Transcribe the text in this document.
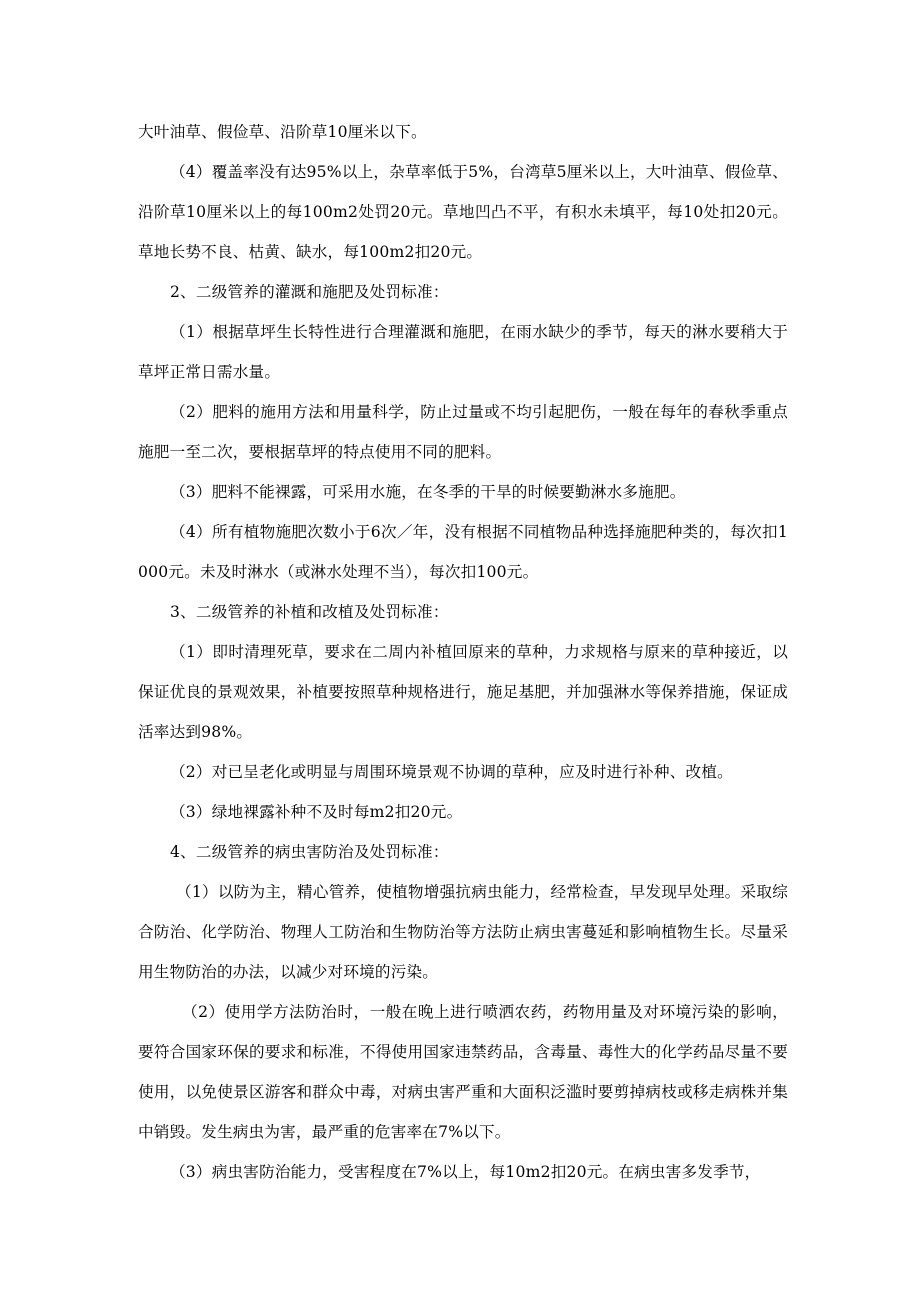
大叶油草、假俭草、沿阶草10厘米以下。

（4）覆盖率没有达95%以上，杂草率低于5%，台湾草5厘米以上，大叶油草、假俭草、沿阶草10厘米以上的每100m2处罚20元。草地凹凸不平，有积水未填平，每10处扣20元。草地长势不良、枯黄、缺水，每100m2扣20元。

2、二级管养的灌溉和施肥及处罚标准：

（1）根据草坪生长特性进行合理灌溉和施肥，在雨水缺少的季节，每天的淋水要稍大于草坪正常日需水量。

（2）肥料的施用方法和用量科学，防止过量或不均引起肥伤，一般在每年的春秋季重点施肥一至二次，要根据草坪的特点使用不同的肥料。

（3）肥料不能裸露，可采用水施，在冬季的干旱的时候要勤淋水多施肥。

（4）所有植物施肥次数小于6次／年，没有根据不同植物品种选择施肥种类的，每次扣1000元。未及时淋水（或淋水处理不当），每次扣100元。

3、二级管养的补植和改植及处罚标准：

（1）即时清理死草，要求在二周内补植回原来的草种，力求规格与原来的草种接近，以保证优良的景观效果，补植要按照草种规格进行，施足基肥，并加强淋水等保养措施，保证成活率达到98%。

（2）对已呈老化或明显与周围环境景观不协调的草种，应及时进行补种、改植。

（3）绿地裸露补种不及时每m2扣20元。

4、二级管养的病虫害防治及处罚标准：

（1）以防为主，精心管养，使植物增强抗病虫能力，经常检查，早发现早处理。采取综合防治、化学防治、物理人工防治和生物防治等方法防止病虫害蔓延和影响植物生长。尽量采用生物防治的办法，以减少对环境的污染。

（2）使用学方法防治时，一般在晚上进行喷洒农药，药物用量及对环境污染的影响，要符合国家环保的要求和标准，不得使用国家违禁药品，含毒量、毒性大的化学药品尽量不要使用，以免使景区游客和群众中毒，对病虫害严重和大面积泛滥时要剪掉病枝或移走病株并集中销毁。发生病虫为害，最严重的危害率在7%以下。

（3）病虫害防治能力，受害程度在7%以上，每10m2扣20元。在病虫害多发季节，
